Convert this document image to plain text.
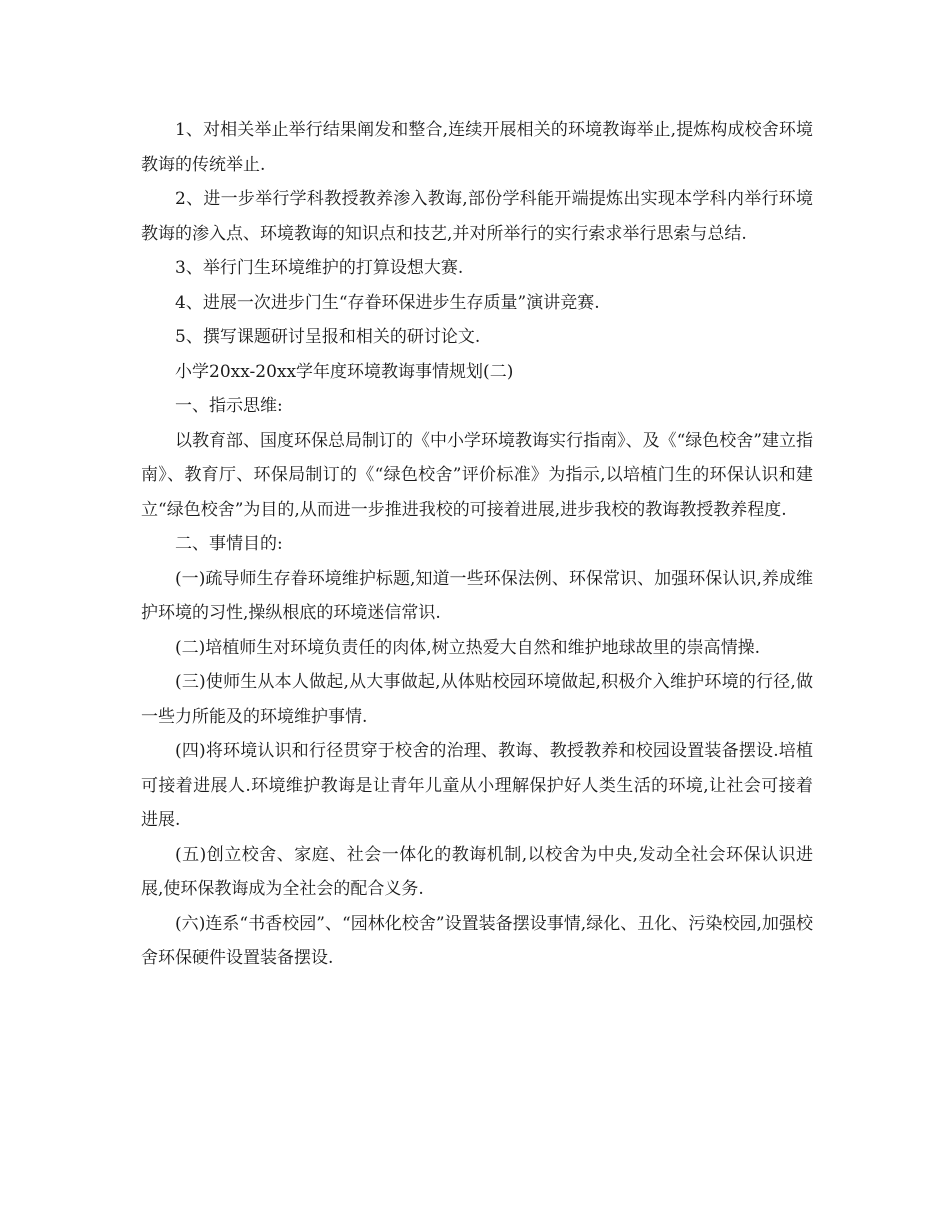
1、对相关举止举行结果阐发和整合,连续开展相关的环境教诲举止,提炼构成校舍环境教诲的传统举止.

2、进一步举行学科教授教养渗入教诲,部份学科能开端提炼出实现本学科内举行环境教诲的渗入点、环境教诲的知识点和技艺,并对所举行的实行索求举行思索与总结.

3、举行门生环境维护的打算设想大赛.

4、进展一次进步门生“存眷环保进步生存质量”演讲竞赛.

5、撰写课题研讨呈报和相关的研讨论文.

小学20xx-20xx学年度环境教诲事情规划(二)

一、指示思维:

以教育部、国度环保总局制订的《中小学环境教诲实行指南》、及《“绿色校舍”建立指南》、教育厅、环保局制订的《“绿色校舍”评价标准》为指示,以培植门生的环保认识和建立“绿色校舍”为目的,从而进一步推进我校的可接着进展,进步我校的教诲教授教养程度.

二、事情目的:

(一)疏导师生存眷环境维护标题,知道一些环保法例、环保常识、加强环保认识,养成维护环境的习性,操纵根底的环境迷信常识.

(二)培植师生对环境负责任的肉体,树立热爱大自然和维护地球故里的崇高情操.

(三)使师生从本人做起,从大事做起,从体贴校园环境做起,积极介入维护环境的行径,做一些力所能及的环境维护事情.

(四)将环境认识和行径贯穿于校舍的治理、教诲、教授教养和校园设置装备摆设.培植可接着进展人.环境维护教诲是让青年儿童从小理解保护好人类生活的环境,让社会可接着进展.

(五)创立校舍、家庭、社会一体化的教诲机制,以校舍为中央,发动全社会环保认识进展,使环保教诲成为全社会的配合义务.

(六)连系“书香校园”、“园林化校舍”设置装备摆设事情,绿化、丑化、污染校园,加强校舍环保硬件设置装备摆设.
